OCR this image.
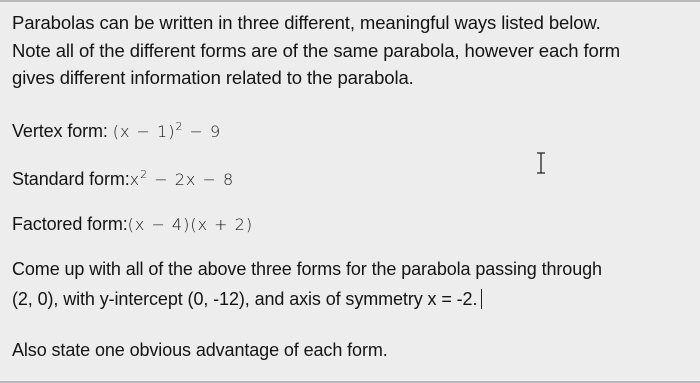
Parabolas can be written in three different, meaningful ways listed below.
Note all of the different forms are of the same parabola, however each form
gives different information related to the parabola.
Vertex form: $(x - 1)^2 - 9$
Standard $form:x^2 - 2x - 8$
Factored form:(x − 4)(x + 2)
Come up with all of the above three forms for the parabola passing through
(2, 0), with y-intercept (0, -12), and axis of symmetry x = -2.
Also state one obvious advantage of each form.
